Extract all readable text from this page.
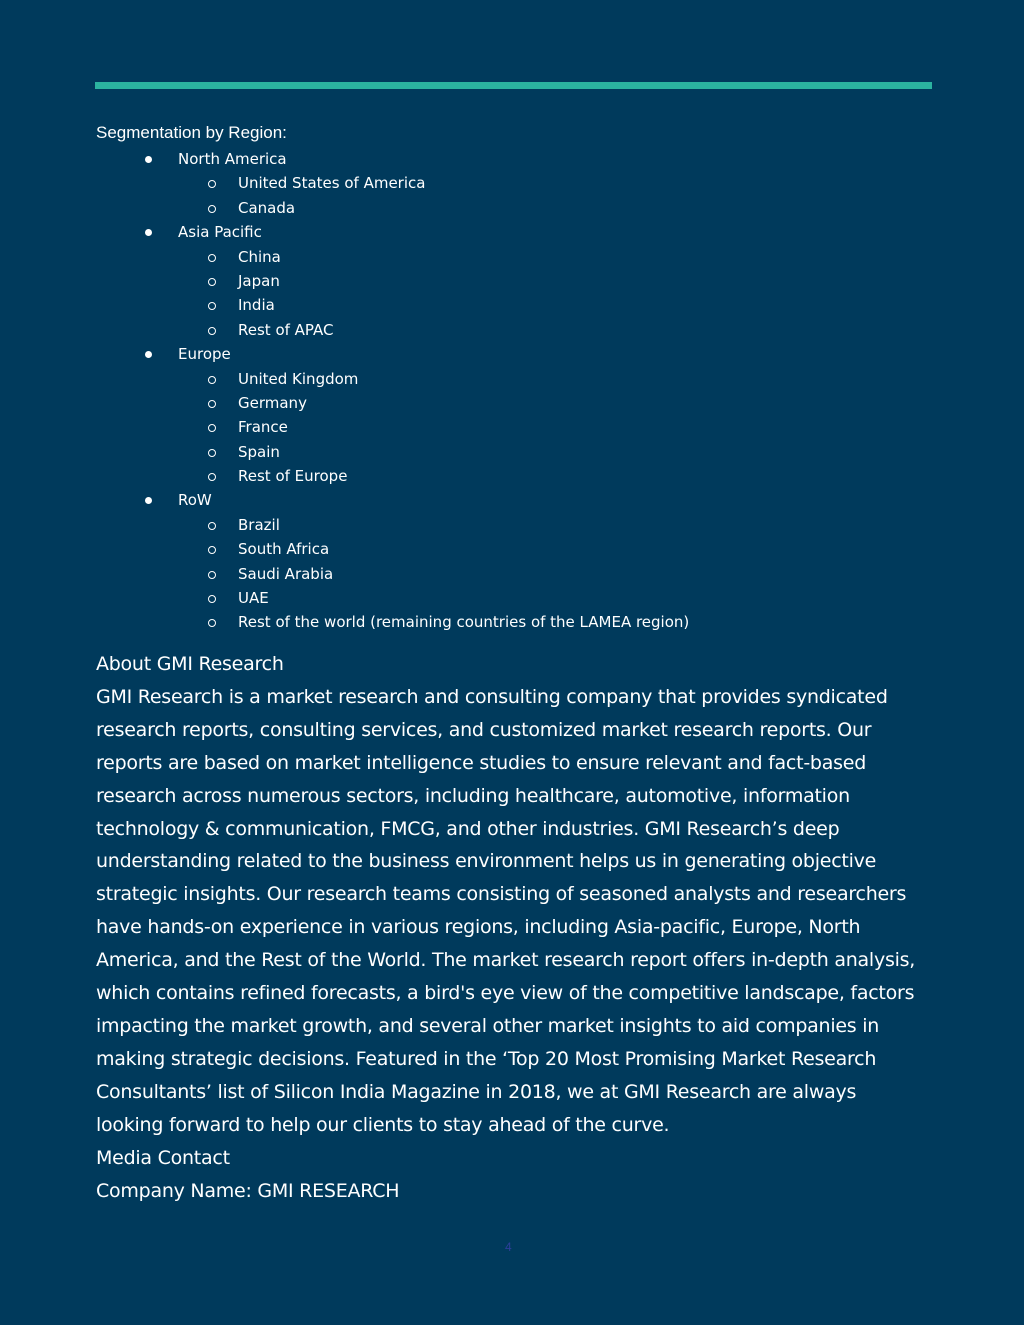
Segmentation by Region:
North America
United States of America
Canada
Asia Pacific
China
Japan
India
Rest of APAC
Europe
United Kingdom
Germany
France
Spain
Rest of Europe
RoW
Brazil
South Africa
Saudi Arabia
UAE
Rest of the world (remaining countries of the LAMEA region)

About GMI Research

GMI Research is a market research and consulting company that provides syndicated research reports, consulting services, and customized market research reports. Our reports are based on market intelligence studies to ensure relevant and fact-based research across numerous sectors, including healthcare, automotive, information technology & communication, FMCG, and other industries. GMI Research’s deep understanding related to the business environment helps us in generating objective strategic insights. Our research teams consisting of seasoned analysts and researchers have hands-on experience in various regions, including Asia-pacific, Europe, North America, and the Rest of the World. The market research report offers in-depth analysis, which contains refined forecasts, a bird's eye view of the competitive landscape, factors impacting the market growth, and several other market insights to aid companies in making strategic decisions. Featured in the ‘Top 20 Most Promising Market Research Consultants’ list of Silicon India Magazine in 2018, we at GMI Research are always looking forward to help our clients to stay ahead of the curve.

Media Contact

Company Name: GMI RESEARCH

4
